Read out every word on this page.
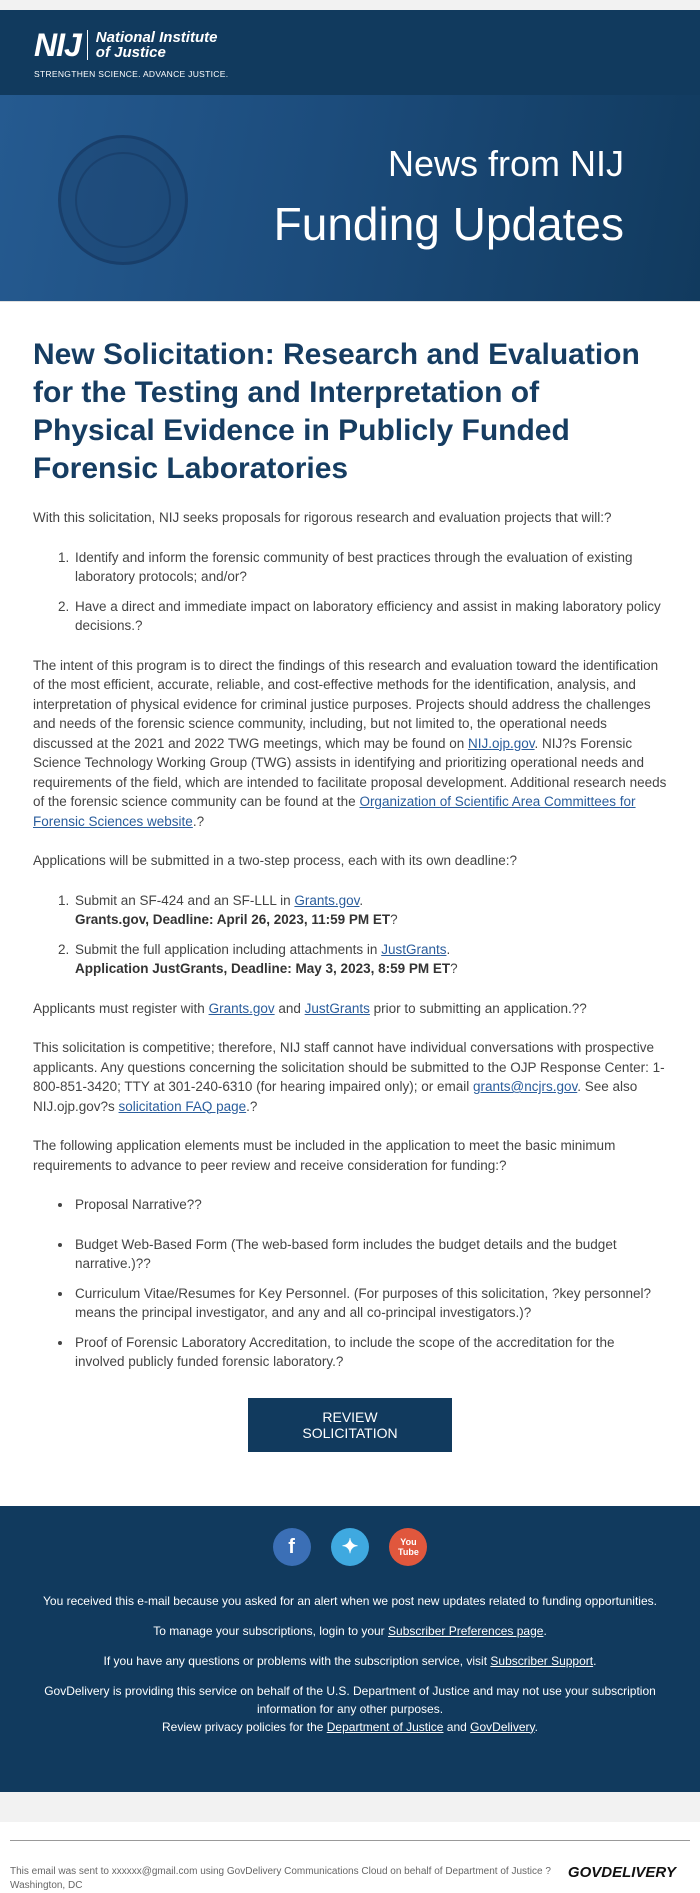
NIJ National Institute
of Justice
STRENGTHEN SCIENCE. ADVANCE JUSTICE.
News from NIJ
Funding Updates
New Solicitation: Research and Evaluation for the Testing and Interpretation of Physical Evidence in Publicly Funded Forensic Laboratories

With this solicitation, NIJ seeks proposals for rigorous research and evaluation projects that will:?

1. Identify and inform the forensic community of best practices through the evaluation of existing laboratory protocols; and/or?
2. Have a direct and immediate impact on laboratory efficiency and assist in making laboratory policy decisions.?

The intent of this program is to direct the findings of this research and evaluation toward the identification of the most efficient, accurate, reliable, and cost-effective methods for the identification, analysis, and interpretation of physical evidence for criminal justice purposes. Projects should address the challenges and needs of the forensic science community, including, but not limited to, the operational needs discussed at the 2021 and 2022 TWG meetings, which may be found on NIJ.ojp.gov. NIJ?s Forensic Science Technology Working Group (TWG) assists in identifying and prioritizing operational needs and requirements of the field, which are intended to facilitate proposal development. Additional research needs of the forensic science community can be found at the Organization of Scientific Area Committees for Forensic Sciences website.?

Applications will be submitted in a two-step process, each with its own deadline:?

1. Submit an SF-424 and an SF-LLL in Grants.gov.
Grants.gov, Deadline: April 26, 2023, 11:59 PM ET?
2. Submit the full application including attachments in JustGrants.
Application JustGrants, Deadline: May 3, 2023, 8:59 PM ET?

Applicants must register with Grants.gov and JustGrants prior to submitting an application.??

This solicitation is competitive; therefore, NIJ staff cannot have individual conversations with prospective applicants. Any questions concerning the solicitation should be submitted to the OJP Response Center: 1-800-851-3420; TTY at 301-240-6310 (for hearing impaired only); or email grants@ncjrs.gov. See also NIJ.ojp.gov?s solicitation FAQ page.?

The following application elements must be included in the application to meet the basic minimum requirements to advance to peer review and receive consideration for funding:?

• Proposal Narrative??
• Budget Web-Based Form (The web-based form includes the budget details and the budget narrative.)??
• Curriculum Vitae/Resumes for Key Personnel. (For purposes of this solicitation, ?key personnel? means the principal investigator, and any and all co-principal investigators.)?
• Proof of Forensic Laboratory Accreditation, to include the scope of the accreditation for the involved publicly funded forensic laboratory.?
REVIEW SOLICITATION
f ✦	You
Tube

You received this e-mail because you asked for an alert when we post new updates related to funding opportunities.

To manage your subscriptions, login to your Subscriber Preferences page.

If you have any questions or problems with the subscription service, visit Subscriber Support.

GovDelivery is providing this service on behalf of the U.S. Department of Justice and may not use your subscription information for any other purposes.
Review privacy policies for the Department of Justice and GovDelivery.

This email was sent to xxxxxx@gmail.com using GovDelivery Communications Cloud on behalf of Department of Justice ?
Washington, DC
GOVDELIVERY
